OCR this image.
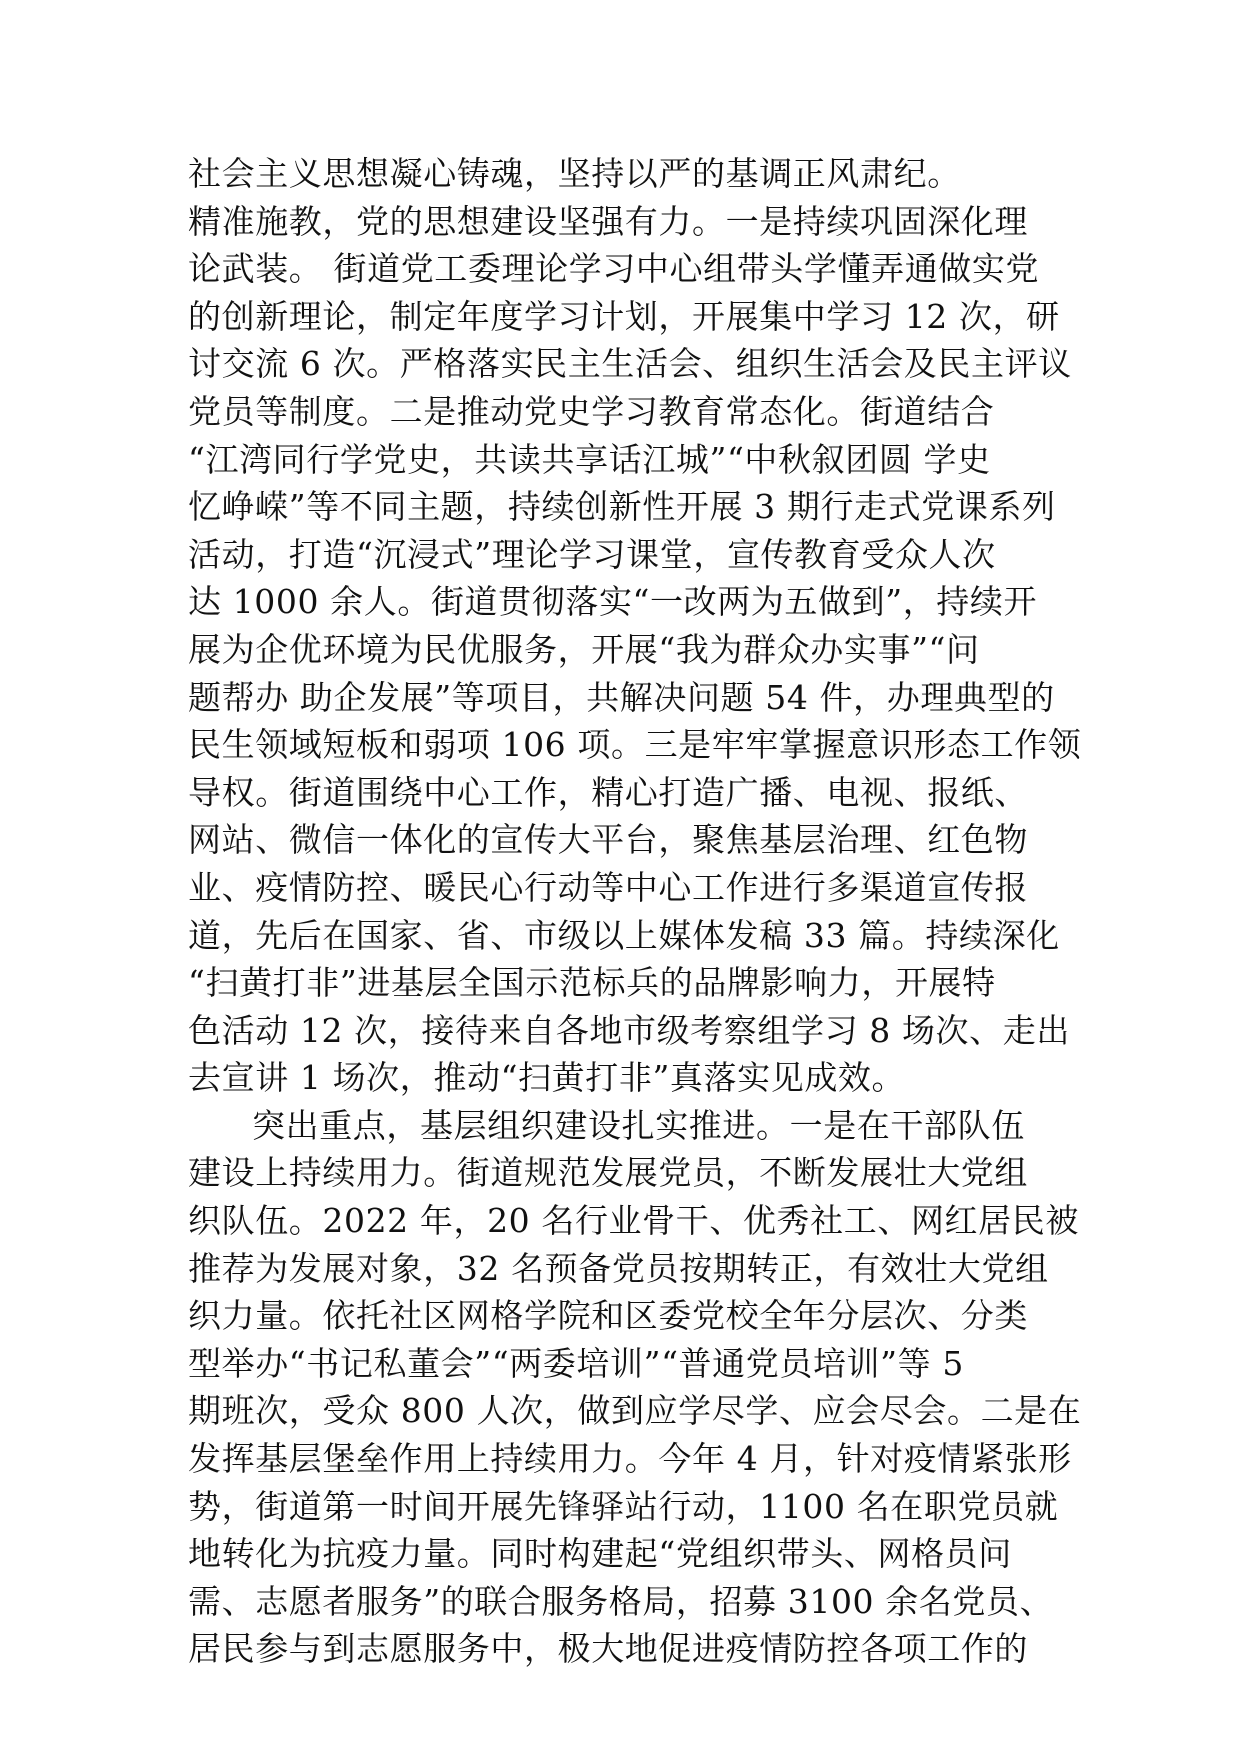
社会主义思想凝心铸魂，坚持以严的基调正风肃纪。
精准施教，党的思想建设坚强有力。一是持续巩固深化理
论武装。 街道党工委理论学习中心组带头学懂弄通做实党
的创新理论，制定年度学习计划，开展集中学习 12 次，研
讨交流 6 次。严格落实民主生活会、组织生活会及民主评议
党员等制度。二是推动党史学习教育常态化。街道结合
“江湾同行学党史，共读共享话江城”“中秋叙团圆 学史
忆峥嵘”等不同主题，持续创新性开展 3 期行走式党课系列
活动，打造“沉浸式”理论学习课堂，宣传教育受众人次
达 1000 余人。街道贯彻落实“一改两为五做到”，持续开
展为企优环境为民优服务，开展“我为群众办实事”“问
题帮办 助企发展”等项目，共解决问题 54 件，办理典型的
民生领域短板和弱项 106 项。三是牢牢掌握意识形态工作领
导权。街道围绕中心工作，精心打造广播、电视、报纸、
网站、微信一体化的宣传大平台，聚焦基层治理、红色物
业、疫情防控、暖民心行动等中心工作进行多渠道宣传报
道，先后在国家、省、市级以上媒体发稿 33 篇。持续深化
“扫黄打非”进基层全国示范标兵的品牌影响力，开展特
色活动 12 次，接待来自各地市级考察组学习 8 场次、走出
去宣讲 1 场次，推动“扫黄打非”真落实见成效。
突出重点，基层组织建设扎实推进。一是在干部队伍
建设上持续用力。街道规范发展党员，不断发展壮大党组
织队伍。2022 年，20 名行业骨干、优秀社工、网红居民被
推荐为发展对象，32 名预备党员按期转正，有效壮大党组
织力量。依托社区网格学院和区委党校全年分层次、分类
型举办“书记私董会”“两委培训”“普通党员培训”等 5
期班次，受众 800 人次，做到应学尽学、应会尽会。二是在
发挥基层堡垒作用上持续用力。今年 4 月，针对疫情紧张形
势，街道第一时间开展先锋驿站行动，1100 名在职党员就
地转化为抗疫力量。同时构建起“党组织带头、网格员问
需、志愿者服务”的联合服务格局，招募 3100 余名党员、
居民参与到志愿服务中，极大地促进疫情防控各项工作的
